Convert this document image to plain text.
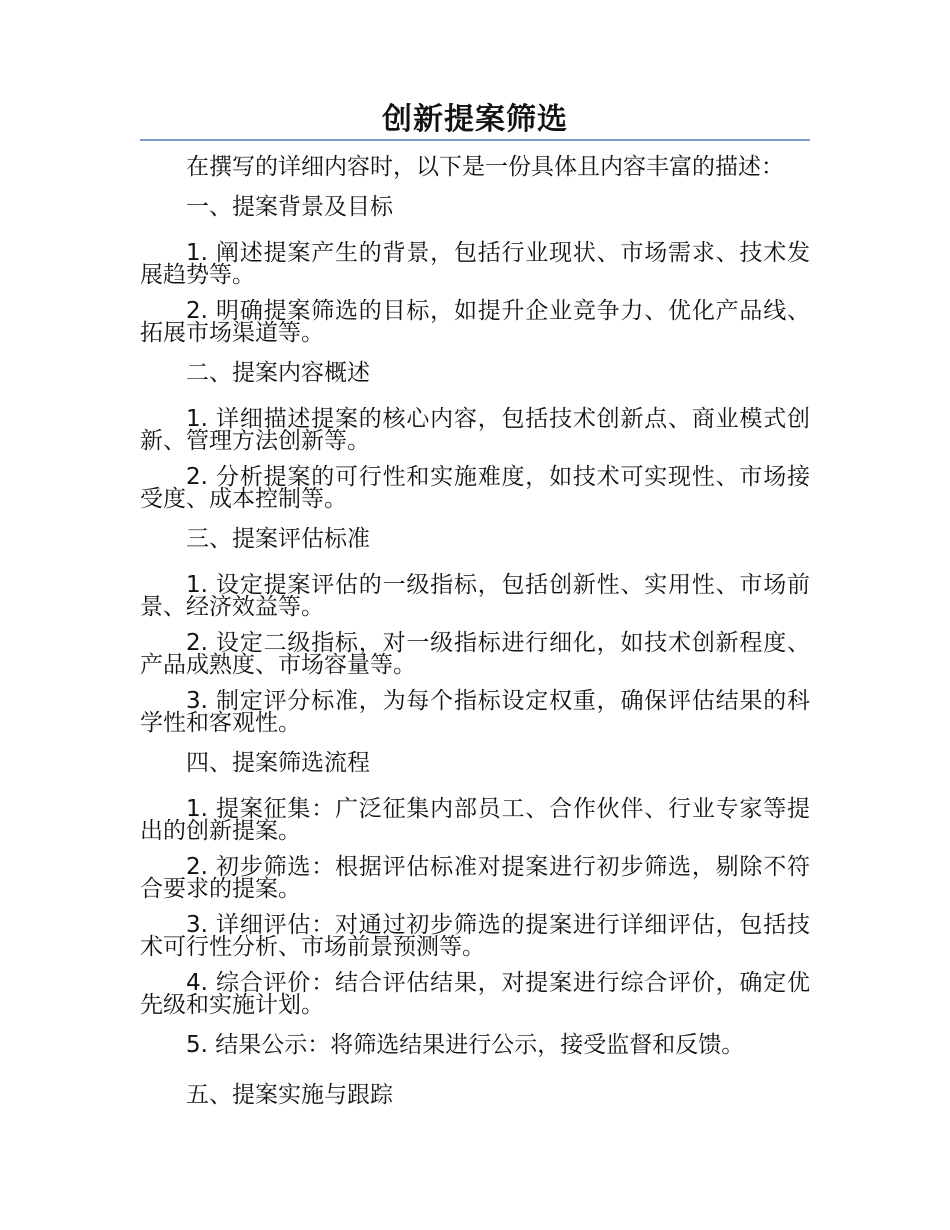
创新提案筛选

在撰写的详细内容时，以下是一份具体且内容丰富的描述：

一、提案背景及目标

1. 阐述提案产生的背景，包括行业现状、市场需求、技术发展趋势等。

2. 明确提案筛选的目标，如提升企业竞争力、优化产品线、拓展市场渠道等。

二、提案内容概述

1. 详细描述提案的核心内容，包括技术创新点、商业模式创新、管理方法创新等。

2. 分析提案的可行性和实施难度，如技术可实现性、市场接受度、成本控制等。

三、提案评估标准

1. 设定提案评估的一级指标，包括创新性、实用性、市场前景、经济效益等。

2. 设定二级指标，对一级指标进行细化，如技术创新程度、产品成熟度、市场容量等。

3. 制定评分标准，为每个指标设定权重，确保评估结果的科学性和客观性。

四、提案筛选流程

1. 提案征集：广泛征集内部员工、合作伙伴、行业专家等提出的创新提案。

2. 初步筛选：根据评估标准对提案进行初步筛选，剔除不符合要求的提案。

3. 详细评估：对通过初步筛选的提案进行详细评估，包括技术可行性分析、市场前景预测等。

4. 综合评价：结合评估结果，对提案进行综合评价，确定优先级和实施计划。

5. 结果公示：将筛选结果进行公示，接受监督和反馈。

五、提案实施与跟踪
